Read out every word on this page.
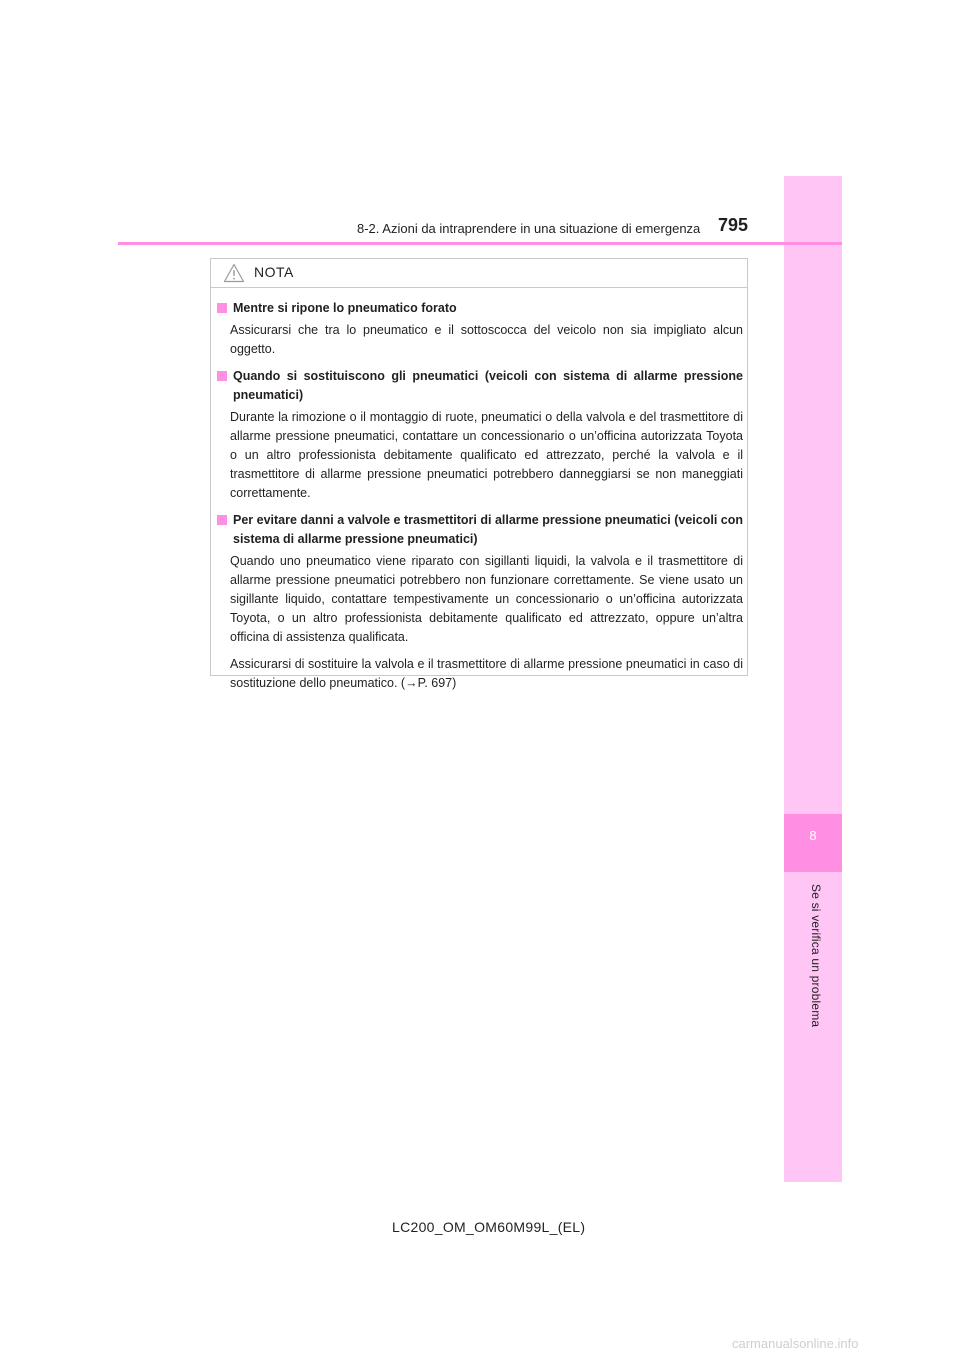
8
Se si verifica un problema
8-2. Azioni da intraprendere in una situazione di emergenza 795
NOTA
Mentre si ripone lo pneumatico forato
Assicurarsi che tra lo pneumatico e il sottoscocca del veicolo non sia impigliato alcun oggetto.
Quando si sostituiscono gli pneumatici (veicoli con sistema di allarme pressione pneumatici)
Durante la rimozione o il montaggio di ruote, pneumatici o della valvola e del trasmettitore di allarme pressione pneumatici, contattare un concessionario o un’officina autorizzata Toyota o un altro professionista debitamente qualificato ed attrezzato, perché la valvola e il trasmettitore di allarme pressione pneumatici potrebbero danneggiarsi se non maneggiati correttamente.
Per evitare danni a valvole e trasmettitori di allarme pressione pneumatici (veicoli con sistema di allarme pressione pneumatici)
Quando uno pneumatico viene riparato con sigillanti liquidi, la valvola e il trasmettitore di allarme pressione pneumatici potrebbero non funzionare correttamente. Se viene usato un sigillante liquido, contattare tempestivamente un concessionario o un’officina autorizzata Toyota, o un altro professionista debitamente qualificato ed attrezzato, oppure un’altra officina di assistenza qualificata.
Assicurarsi di sostituire la valvola e il trasmettitore di allarme pressione pneumatici in caso di sostituzione dello pneumatico. (→P. 697)
LC200_OM_OM60M99L_(EL)
carmanualsonline.info
